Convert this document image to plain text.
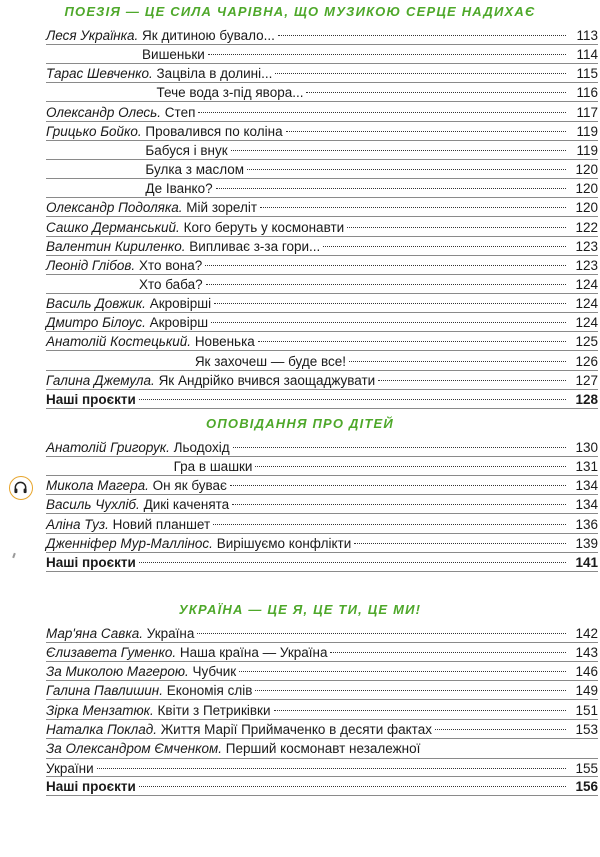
ПОЕЗІЯ — ЦЕ СИЛА ЧАРІВНА, ЩО МУЗИКОЮ СЕРЦЕ НАДИХАЄ
Леся Українка. Як дитиною бувало...	113
Вишеньки	114
Тарас Шевченко. Зацвіла в долині...	115
Тече вода з-під явора...	116
Олександр Олесь. Степ	117
Грицько Бойко. Провалився по коліна	119
Бабуся і внук	119
Булка з маслом	120
Де Іванко?	120
Олександр Подоляка. Мій зореліт	120
Сашко Дерманський. Кого беруть у космонавти	122
Валентин Кириленко. Випливає з-за гори...	123
Леонід Глібов. Хто вона?	123
Хто баба?	124
Василь Довжик. Акровірші	124
Дмитро Білоус. Акровірш	124
Анатолій Костецький. Новенька	125
Як захочеш — буде все!	126
Галина Джемула. Як Андрійко вчився заощаджувати	127
Наші проєкти	128
ОПОВІДАННЯ ПРО ДІТЕЙ
Анатолій Григорук. Льодохід	130
Гра в шашки	131
Микола Магера. Он як буває	134
Василь Чухліб. Дикі каченята	134
Аліна Туз. Новий планшет	136
Дженніфер Мур-Маллінос. Вирішуємо конфлікти	139
Наші проєкти	141
УКРАЇНА — ЦЕ Я, ЦЕ ТИ, ЦЕ МИ!
Мар'яна Савка. Україна	142
Єлизавета Гуменко. Наша країна — Україна	143
За Миколою Магерою. Чубчик	146
Галина Павлишин. Економія слів	149
Зірка Мензатюк. Квіти з Петриківки	151
Наталка Поклад. Життя Марії Приймаченко в десяти фактах	153
За Олександром Ємченком. Перший космонавт незалежної
України	155
Наші проєкти	156
